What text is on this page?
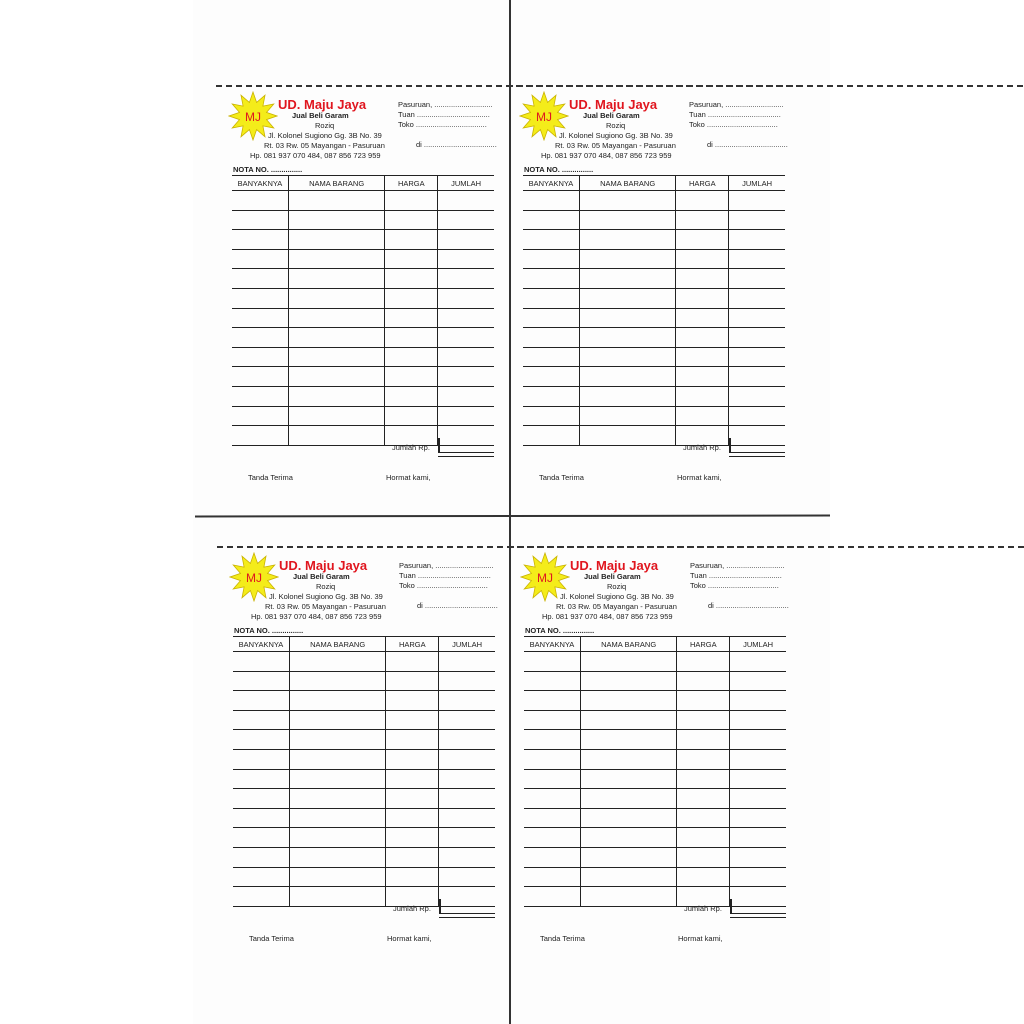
MJ
UD. Maju Jaya
Jual Beli Garam
Roziq
Jl. Kolonel Sugiono Gg. 3B No. 39
Rt. 03 Rw. 05 Mayangan - Pasuruan
Hp. 081 937 070 484, 087 856 723 959
Pasuruan, ............................
Tuan ...................................
Toko ..................................
di ...................................
NOTA NO. ...............
BANYAKNYA	NAMA BARANG	HARGA	JUMLAH

Jumlah Rp.
Tanda Terima	Hormat kami,
MJ
UD. Maju Jaya
Jual Beli Garam
Roziq
Jl. Kolonel Sugiono Gg. 3B No. 39
Rt. 03 Rw. 05 Mayangan - Pasuruan
Hp. 081 937 070 484, 087 856 723 959
Pasuruan, ............................
Tuan ...................................
Toko ..................................
di ...................................
NOTA NO. ...............
BANYAKNYA	NAMA BARANG	HARGA	JUMLAH

Jumlah Rp.
Tanda Terima	Hormat kami,
MJ
UD. Maju Jaya
Jual Beli Garam
Roziq
Jl. Kolonel Sugiono Gg. 3B No. 39
Rt. 03 Rw. 05 Mayangan - Pasuruan
Hp. 081 937 070 484, 087 856 723 959
Pasuruan, ............................
Tuan ...................................
Toko ..................................
di ...................................
NOTA NO. ...............
BANYAKNYA	NAMA BARANG	HARGA	JUMLAH

Jumlah Rp.
Tanda Terima	Hormat kami,
MJ
UD. Maju Jaya
Jual Beli Garam
Roziq
Jl. Kolonel Sugiono Gg. 3B No. 39
Rt. 03 Rw. 05 Mayangan - Pasuruan
Hp. 081 937 070 484, 087 856 723 959
Pasuruan, ............................
Tuan ...................................
Toko ..................................
di ...................................
NOTA NO. ...............
BANYAKNYA	NAMA BARANG	HARGA	JUMLAH

Jumlah Rp.
Tanda Terima	Hormat kami,
